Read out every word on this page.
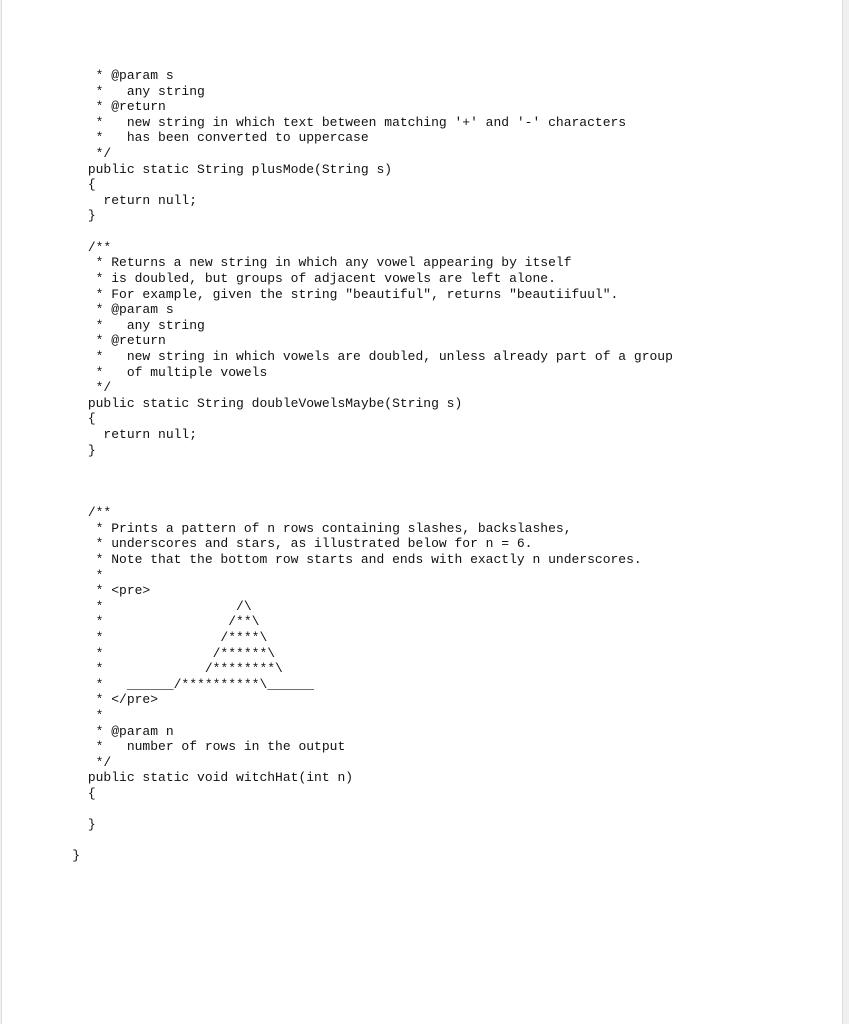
* @param s
*   any string
* @return
*   new string in which text between matching '+' and '-' characters
*   has been converted to uppercase
*/
public static String plusMode(String s)
{
return null;
}

/**
* Returns a new string in which any vowel appearing by itself
* is doubled, but groups of adjacent vowels are left alone.
* For example, given the string "beautiful", returns "beautiifuul".
* @param s
*   any string
* @return
*   new string in which vowels are doubled, unless already part of a group
*   of multiple vowels
*/
public static String doubleVowelsMaybe(String s)
{
return null;
}

/**
* Prints a pattern of n rows containing slashes, backslashes,
* underscores and stars, as illustrated below for n = 6.
* Note that the bottom row starts and ends with exactly n underscores.
*
* <pre>
*                 /\
*                /**\
*               /****\
*              /******\
*             /********\
*   ______/**********\______
* </pre>
*
* @param n
*   number of rows in the output
*/
public static void witchHat(int n)
{

}

}
